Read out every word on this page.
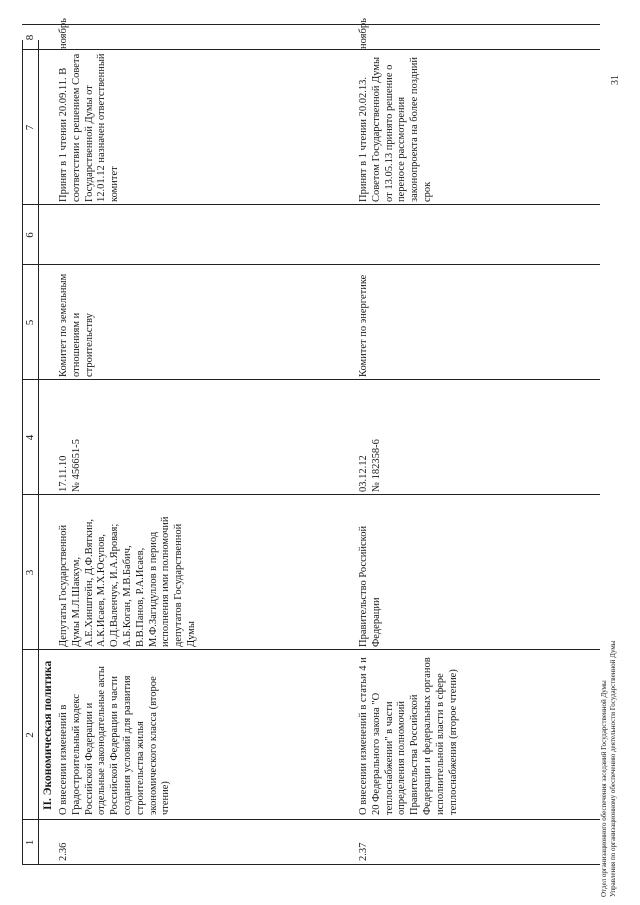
1
2
3
4
5
6
7
8
II. Экономическая политика
2.36
О внесении изменений в Градостроительный кодекс Российской Федерации и отдельные законодательные акты Российской Федерации в части создания условий для развития строительства жилья экономического класса (второе чтение)
Депутаты Государственной Думы М.Л.Шаккум, А.Е.Хинштейн, Д.Ф.Вяткин, А.К.Исаев, М.Х.Юсупов, О.Д.Валенчук, И.А.Яровая; А.Б.Коган, М.В.Бабич, В.В.Панов, Р.А.Исаев, М.Ф.Загидуллов в период исполнения ими полномочий депутатов Государственной Думы
17.11.10 № 456651-5
Комитет по земельным отношениям и строительству
Принят в 1 чтении 20.09.11. В соответствии с решением Совета Государственной Думы от 12.01.12 назначен ответственный комитет
ноябрь
2.37
О внесении изменений в статьи 4 и 20 Федерального закона "О теплоснабжении" в части определения полномочий Правительства Российской Федерации и федеральных органов исполнительной власти в сфере теплоснабжения (второе чтение)
Правительство Российской Федерации
03.12.12 № 182358-6
Комитет по энергетике
Принят в 1 чтении 20.02.13. Советом Государственной Думы от 13.05.13 принято решение о переносе рассмотрения законопроекта на более поздний срок
ноябрь
Отдел организационного обеспечения заседаний Государственной Думы Управления по организационному обеспечению деятельности Государственной Думы
31
